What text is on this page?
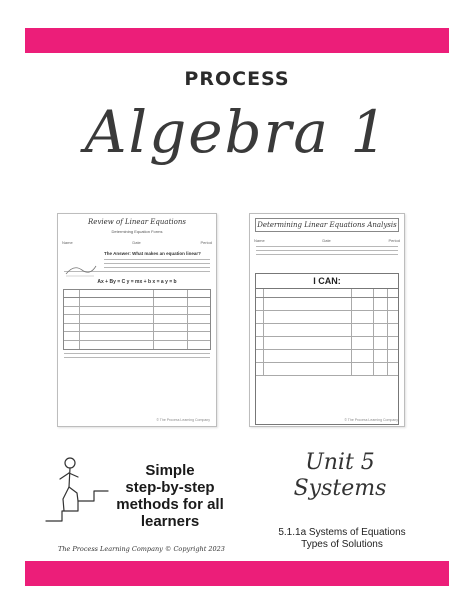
PROCESS
Algebra 1
Review of Linear Equations
Determining Equation Forms
Name	Date	Period
The Answer: What makes an equation linear?
Ax + By = C y = mx + b x = a y = b
© The Process Learning Company
Determining Linear Equations Analysis
Name	Date	Period
I CAN:
© The Process Learning Company
Simple
step-by-step
methods for all
learners
Unit 5
Systems
5.1.1a Systems of Equations
Types of Solutions
The Process Learning Company © Copyright 2023
